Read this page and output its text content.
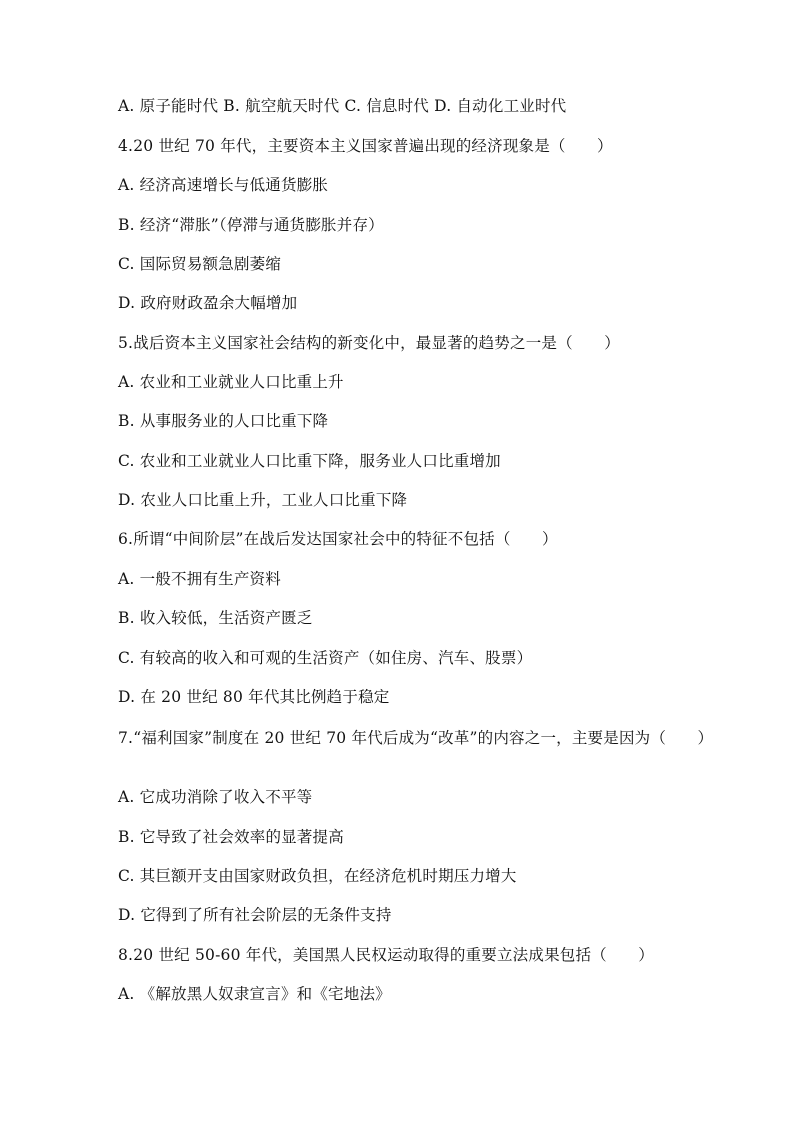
A. 原子能时代 B. 航空航天时代 C. 信息时代 D. 自动化工业时代
4.20 世纪 70 年代，主要资本主义国家普遍出现的经济现象是（　　）
A. 经济高速增长与低通货膨胀
B. 经济“滞胀”（停滞与通货膨胀并存）
C. 国际贸易额急剧萎缩
D. 政府财政盈余大幅增加
5.战后资本主义国家社会结构的新变化中，最显著的趋势之一是（　　）
A. 农业和工业就业人口比重上升
B. 从事服务业的人口比重下降
C. 农业和工业就业人口比重下降，服务业人口比重增加
D. 农业人口比重上升，工业人口比重下降
6.所谓“中间阶层”在战后发达国家社会中的特征不包括（　　）
A. 一般不拥有生产资料
B. 收入较低，生活资产匮乏
C. 有较高的收入和可观的生活资产（如住房、汽车、股票）
D. 在 20 世纪 80 年代其比例趋于稳定
7.“福利国家”制度在 20 世纪 70 年代后成为“改革”的内容之一，主要是因为（　　）
A. 它成功消除了收入不平等
B. 它导致了社会效率的显著提高
C. 其巨额开支由国家财政负担，在经济危机时期压力增大
D. 它得到了所有社会阶层的无条件支持
8.20 世纪 50-60 年代，美国黑人民权运动取得的重要立法成果包括（　　）
A. 《解放黑人奴隶宣言》和《宅地法》
